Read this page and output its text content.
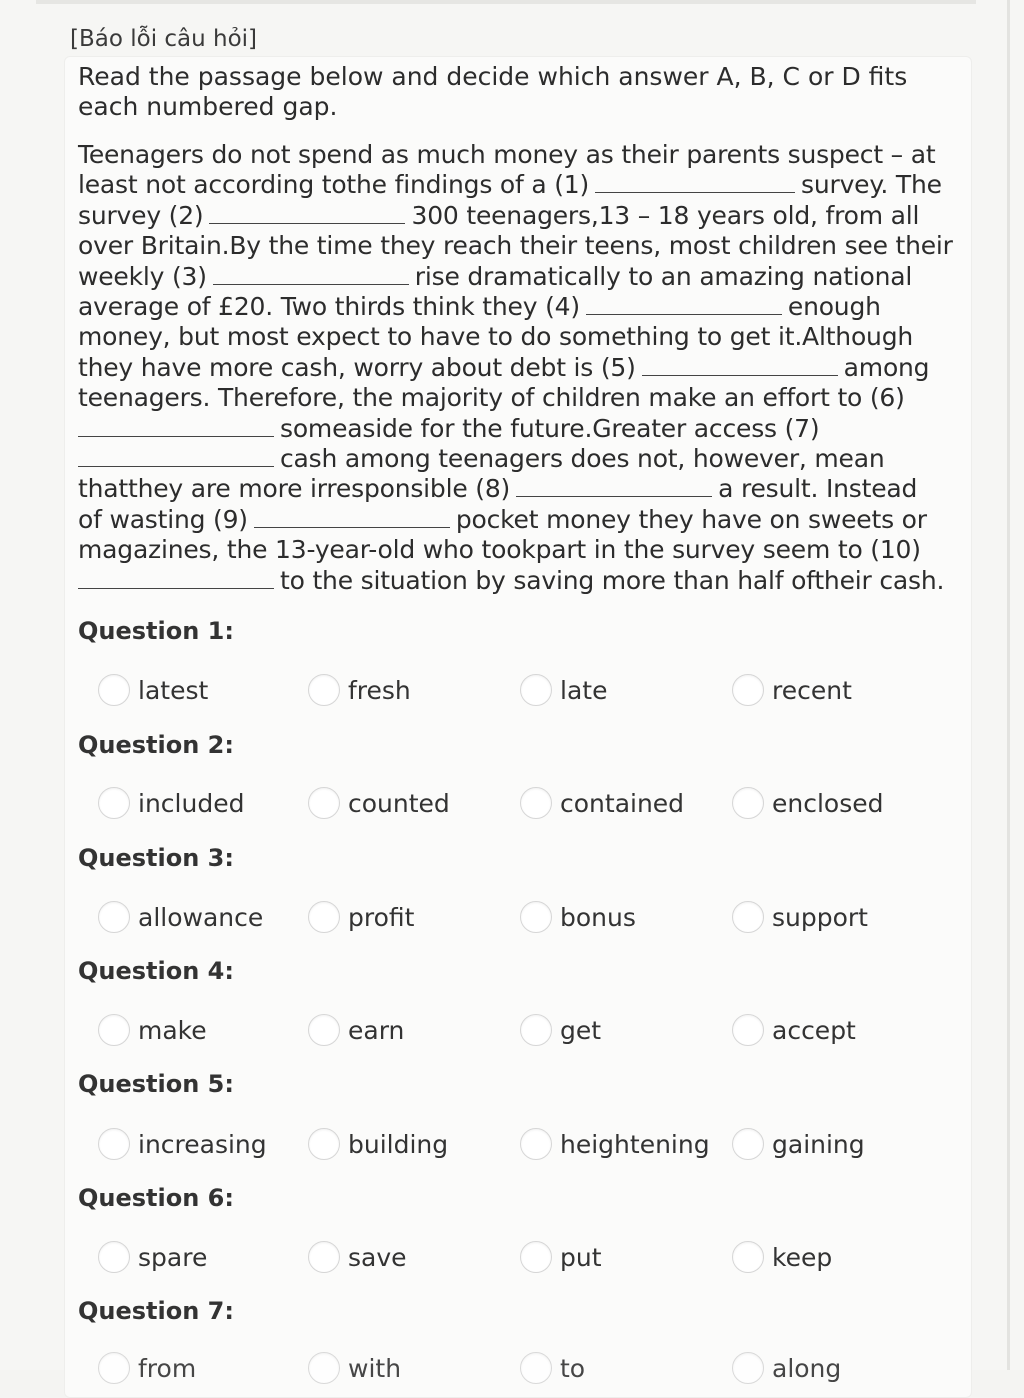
[Báo lỗi câu hỏi]
Read the passage below and decide which answer A, B, C or D fits each numbered gap.
Teenagers do not spend as much money as their parents suspect – at
least not according tothe findings of a (1)	survey. The
survey (2)	300 teenagers,13 – 18 years old, from all
over Britain.By the time they reach their teens, most children see their
weekly (3)	rise dramatically to an amazing national
average of £20. Two thirds think they (4)	enough
money, but most expect to have to do something to get it.Although
they have more cash, worry about debt is (5)	among
teenagers. Therefore, the majority of children make an effort to (6)
someaside for the future.Greater access (7)
cash among teenagers does not, however, mean
thatthey are more irresponsible (8)	a result. Instead
of wasting (9)	pocket money they have on sweets or
magazines, the 13-year-old who tookpart in the survey seem to (10)
to the situation by saving more than half oftheir cash.
Question 1:
latest	fresh	late	recent
Question 2:
included	counted	contained	enclosed
Question 3:
allowance	profit	bonus	support
Question 4:
make	earn	get	accept
Question 5:
increasing	building	heightening gaining
Question 6:
spare	save	put	keep
Question 7:
from	with	to	along
